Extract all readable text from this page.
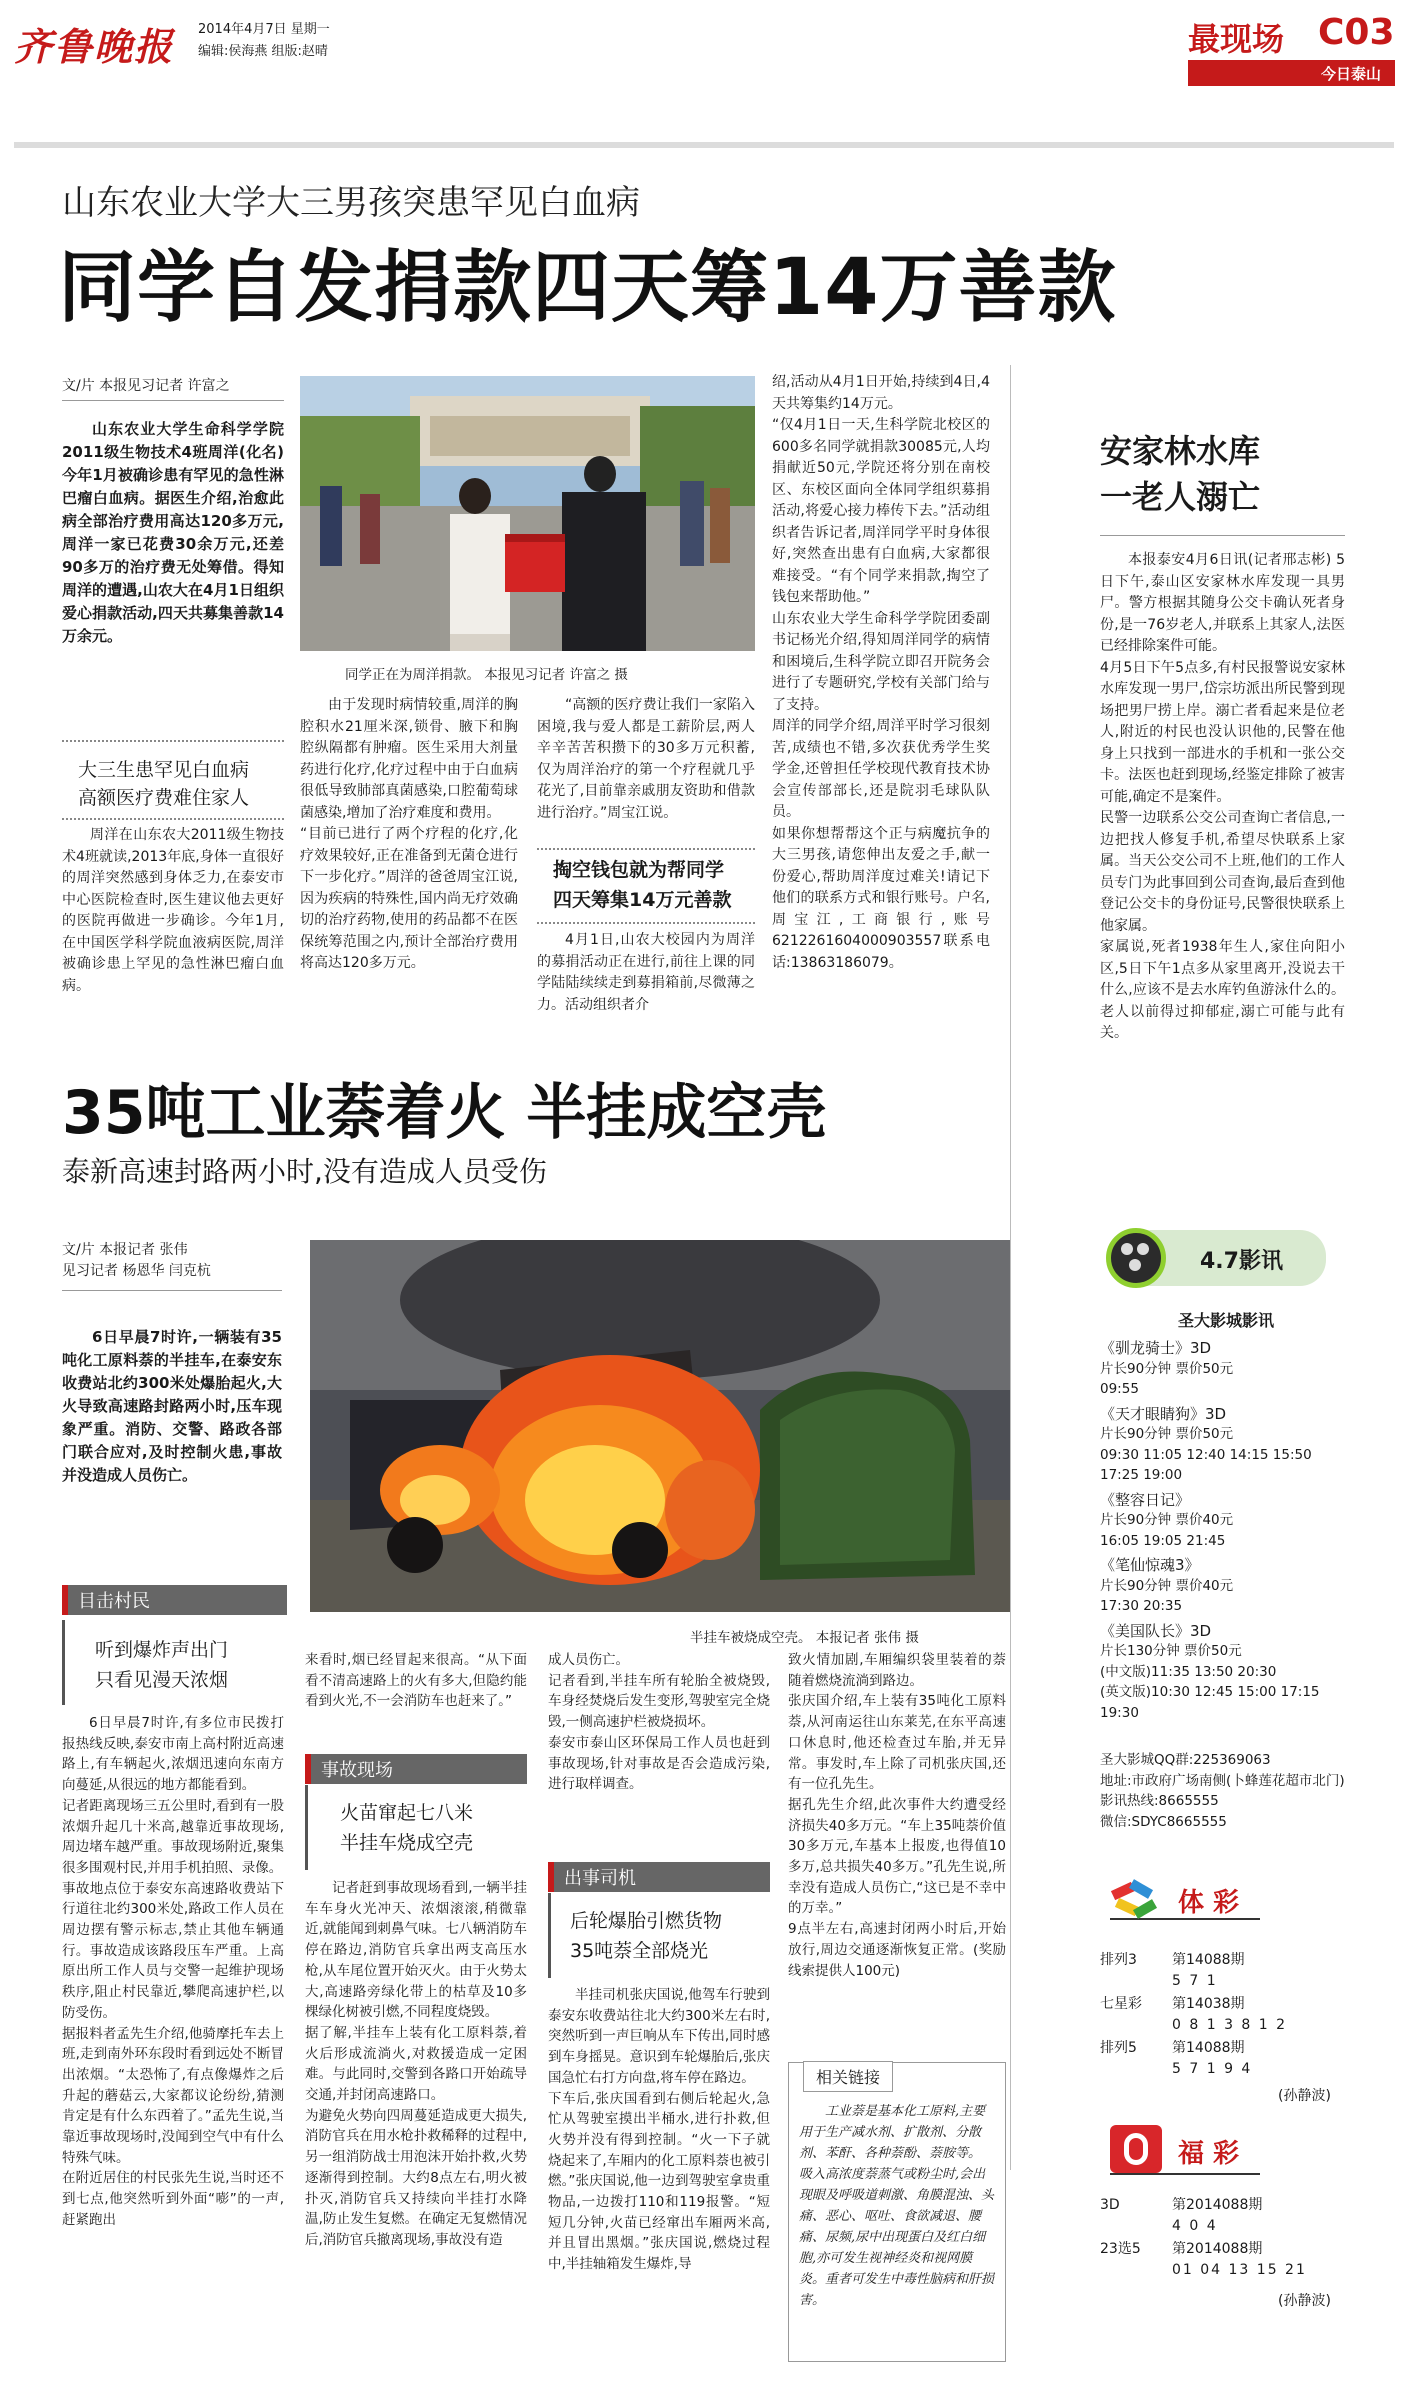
齐鲁晚报 2014年4月7日 星期一
编辑:侯海燕 组版:赵晴	最现场 C03
今日泰山
山东农业大学大三男孩突患罕见白血病
同学自发捐款四天筹14万善款
文/片 本报见习记者 许富之
山东农业大学生命科学学院2011级生物技术4班周洋(化名)今年1月被确诊患有罕见的急性淋巴瘤白血病。据医生介绍,治愈此病全部治疗费用高达120多万元,周洋一家已花费30余万元,还差90多万的治疗费无处筹借。得知周洋的遭遇,山农大在4月1日组织爱心捐款活动,四天共募集善款14万余元。
大三生患罕见白血病
高额医疗费难住家人
周洋在山东农大2011级生物技术4班就读,2013年底,身体一直很好的周洋突然感到身体乏力,在泰安市中心医院检查时,医生建议他去更好的医院再做进一步确诊。今年1月,在中国医学科学院血液病医院,周洋被确诊患上罕见的急性淋巴瘤白血病。
同学正在为周洋捐款。 本报见习记者 许富之 摄
由于发现时病情较重,周洋的胸腔积水21厘米深,锁骨、腋下和胸腔纵隔都有肿瘤。医生采用大剂量药进行化疗,化疗过程中由于白血病很低导致肺部真菌感染,口腔葡萄球菌感染,增加了治疗难度和费用。
“目前已进行了两个疗程的化疗,化疗效果较好,正在准备到无菌仓进行下一步化疗。”周洋的爸爸周宝江说,因为疾病的特殊性,国内尚无疗效确切的治疗药物,使用的药品都不在医保统筹范围之内,预计全部治疗费用将高达120多万元。
“高额的医疗费让我们一家陷入困境,我与爱人都是工薪阶层,两人辛辛苦苦积攒下的30多万元积蓄,仅为周洋治疗的第一个疗程就几乎花光了,目前靠亲戚朋友资助和借款进行治疗。”周宝江说。
掏空钱包就为帮同学
四天筹集14万元善款
4月1日,山农大校园内为周洋的募捐活动正在进行,前往上课的同学陆陆续续走到募捐箱前,尽微薄之力。活动组织者介
绍,活动从4月1日开始,持续到4日,4天共筹集约14万元。
“仅4月1日一天,生科学院北校区的600多名同学就捐款30085元,人均捐献近50元,学院还将分别在南校区、东校区面向全体同学组织募捐活动,将爱心接力棒传下去。”活动组织者告诉记者,周洋同学平时身体很好,突然查出患有白血病,大家都很难接受。“有个同学来捐款,掏空了钱包来帮助他。”
山东农业大学生命科学学院团委副书记杨光介绍,得知周洋同学的病情和困境后,生科学院立即召开院务会进行了专题研究,学校有关部门给与了支持。
周洋的同学介绍,周洋平时学习很刻苦,成绩也不错,多次获优秀学生奖学金,还曾担任学校现代教育技术协会宣传部部长,还是院羽毛球队队员。
如果你想帮帮这个正与病魔抗争的大三男孩,请您伸出友爱之手,献一份爱心,帮助周洋度过难关!请记下他们的联系方式和银行账号。户名,周宝江,工商银行,账号6212261604000903557联系电话:13863186079。
35吨工业萘着火 半挂成空壳
泰新高速封路两小时,没有造成人员受伤
文/片 本报记者 张伟
见习记者 杨恩华 闫克杭
6日早晨7时许,一辆装有35吨化工原料萘的半挂车,在泰安东收费站北约300米处爆胎起火,大火导致高速路封路两小时,压车现象严重。消防、交警、路政各部门联合应对,及时控制火患,事故并没造成人员伤亡。
半挂车被烧成空壳。 本报记者 张伟 摄
目击村民
听到爆炸声出门
只看见漫天浓烟
6日早晨7时许,有多位市民拨打报热线反映,泰安市南上高村附近高速路上,有车辆起火,浓烟迅速向东南方向蔓延,从很远的地方都能看到。
记者距离现场三五公里时,看到有一股浓烟升起几十米高,越靠近事故现场,周边堵车越严重。事故现场附近,聚集很多围观村民,并用手机拍照、录像。
事故地点位于泰安东高速路收费站下行道往北约300米处,路政工作人员在周边摆有警示标志,禁止其他车辆通行。事故造成该路段压车严重。上高原出所工作人员与交警一起维护现场秩序,阻止村民靠近,攀爬高速护栏,以防受伤。
据报料者孟先生介绍,他骑摩托车去上班,走到南外环东段时看到远处不断冒出浓烟。“太恐怖了,有点像爆炸之后升起的蘑菇云,大家都议论纷纷,猜测肯定是有什么东西着了。”孟先生说,当靠近事故现场时,没闻到空气中有什么特殊气味。
在附近居住的村民张先生说,当时还不到七点,他突然听到外面“嘭”的一声,赶紧跑出
来看时,烟已经冒起来很高。“从下面看不清高速路上的火有多大,但隐约能看到火光,不一会消防车也赶来了。”
事故现场
火苗窜起七八米
半挂车烧成空壳
记者赶到事故现场看到,一辆半挂车车身火光冲天、浓烟滚滚,稍微靠近,就能闻到刺鼻气味。七八辆消防车停在路边,消防官兵拿出两支高压水枪,从车尾位置开始灭火。由于火势太大,高速路旁绿化带上的枯草及10多棵绿化树被引燃,不同程度烧毁。
据了解,半挂车上装有化工原料萘,着火后形成流淌火,对救援造成一定困难。与此同时,交警到各路口开始疏导交通,并封闭高速路口。
为避免火势向四周蔓延造成更大损失,消防官兵在用水枪扑救稀释的过程中,另一组消防战士用泡沫开始扑救,火势逐渐得到控制。大约8点左右,明火被扑灭,消防官兵又持续向半挂打水降温,防止发生复燃。在确定无复燃情况后,消防官兵撤离现场,事故没有造
成人员伤亡。
记者看到,半挂车所有轮胎全被烧毁,车身经焚烧后发生变形,驾驶室完全烧毁,一侧高速护栏被烧损坏。
泰安市泰山区环保局工作人员也赶到事故现场,针对事故是否会造成污染,进行取样调查。
出事司机
后轮爆胎引燃货物
35吨萘全部烧光
半挂司机张庆国说,他驾车行驶到泰安东收费站往北大约300米左右时,突然听到一声巨响从车下传出,同时感到车身摇晃。意识到车轮爆胎后,张庆国急忙右打方向盘,将车停在路边。
下车后,张庆国看到右侧后轮起火,急忙从驾驶室摸出半桶水,进行扑救,但火势并没有得到控制。“火一下子就烧起来了,车厢内的化工原料萘也被引燃。”张庆国说,他一边到驾驶室拿贵重物品,一边拨打110和119报警。“短短几分钟,火苗已经窜出车厢两米高,并且冒出黑烟。”张庆国说,燃烧过程中,半挂轴箱发生爆炸,导
致火情加剧,车厢编织袋里装着的萘随着燃烧流淌到路边。
张庆国介绍,车上装有35吨化工原料萘,从河南运往山东莱芜,在东平高速口休息时,他还检查过车胎,并无异常。事发时,车上除了司机张庆国,还有一位孔先生。
据孔先生介绍,此次事件大约遭受经济损失40多万元。“车上35吨萘价值30多万元,车基本上报废,也得值10多万,总共损失40多万。”孔先生说,所幸没有造成人员伤亡,“这已是不幸中的万幸。”
9点半左右,高速封闭两小时后,开始放行,周边交通逐渐恢复正常。(奖励线索提供人100元)
相关链接
工业萘是基本化工原料,主要用于生产减水剂、扩散剂、分散剂、苯酐、各种萘酚、萘胺等。
吸入高浓度萘蒸气或粉尘时,会出现眼及呼吸道刺激、角膜混浊、头痛、恶心、呕吐、食欲减退、腰痛、尿频,尿中出现蛋白及红白细胞,亦可发生视神经炎和视网膜炎。重者可发生中毒性脑病和肝损害。
安家林水库
一老人溺亡
本报泰安4月6日讯(记者邢志彬) 5日下午,泰山区安家林水库发现一具男尸。警方根据其随身公交卡确认死者身份,是一76岁老人,并联系上其家人,法医已经排除案件可能。
4月5日下午5点多,有村民报警说安家林水库发现一男尸,岱宗坊派出所民警到现场把男尸捞上岸。溺亡者看起来是位老人,附近的村民也没认识他的,民警在他身上只找到一部进水的手机和一张公交卡。法医也赶到现场,经鉴定排除了被害可能,确定不是案件。
民警一边联系公交公司查询亡者信息,一边把找人修复手机,希望尽快联系上家属。当天公交公司不上班,他们的工作人员专门为此事回到公司查询,最后查到他登记公交卡的身份证号,民警很快联系上他家属。
家属说,死者1938年生人,家住向阳小区,5日下午1点多从家里离开,没说去干什么,应该不是去水库钓鱼游泳什么的。老人以前得过抑郁症,溺亡可能与此有关。
4.7影讯
圣大影城影讯
《驯龙骑士》3D
片长90分钟 票价50元
09:55
《天才眼睛狗》3D
片长90分钟 票价50元
09:30 11:05 12:40 14:15 15:50 17:25 19:00
《整容日记》
片长90分钟 票价40元
16:05 19:05 21:45
《笔仙惊魂3》
片长90分钟 票价40元
17:30 20:35
《美国队长》3D
片长130分钟 票价50元
(中文版)11:35 13:50 20:30
(英文版)10:30 12:45 15:00 17:15 19:30
圣大影城QQ群:225369063
地址:市政府广场南侧(卜蜂莲花超市北门)
影讯热线:8665555
微信:SDYC8665555
体 彩
排列3	第14088期
5 7 1
七星彩 第14038期
0 8 1 3 8 1 2
排列5	第14088期
5 7 1 9 4
(孙静波)
福 彩
3D	第2014088期
4 0 4
23选5 第2014088期
01 04 13 15 21
(孙静波)
